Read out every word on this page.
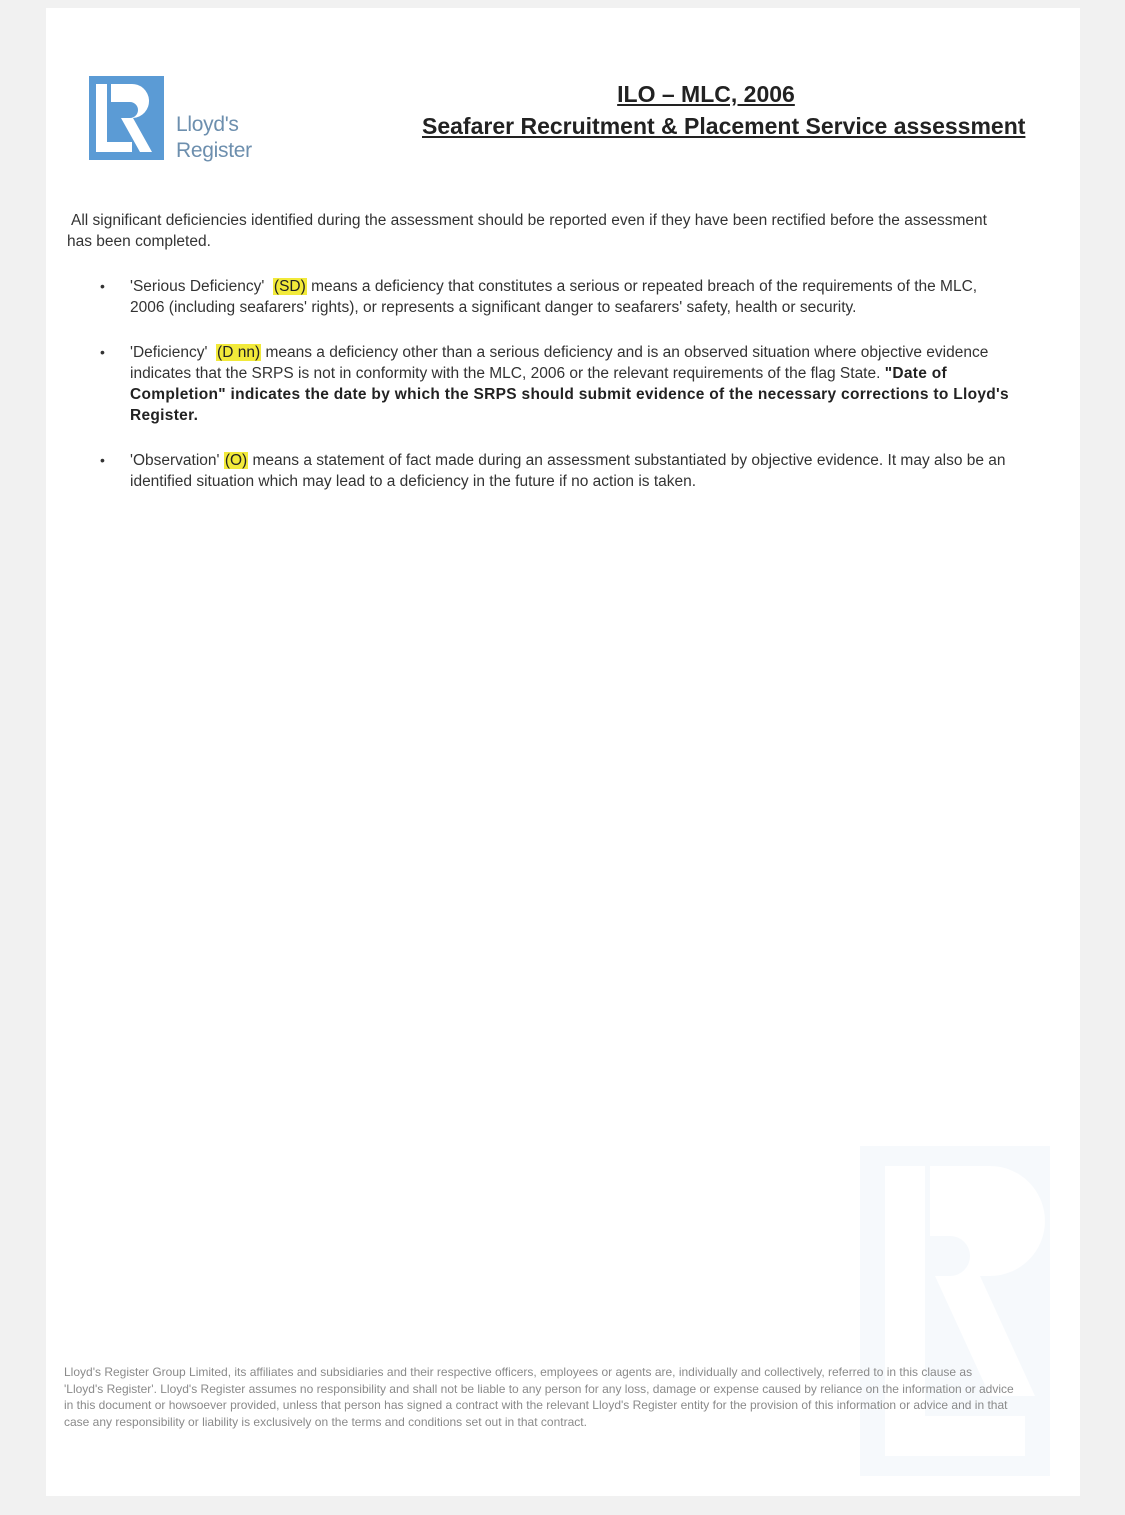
Lloyd's
Register
ILO – MLC, 2006
Seafarer Recruitment & Placement Service assessment

All significant deficiencies identified during the assessment should be reported even if they have been rectified before the assessment has been completed.

• 'Serious Deficiency' (SD) means a deficiency that constitutes a serious or repeated breach of the requirements of the MLC, 2006 (including seafarers' rights), or represents a significant danger to seafarers' safety, health or security.
• 'Deficiency' (D nn) means a deficiency other than a serious deficiency and is an observed situation where objective evidence indicates that the SRPS is not in conformity with the MLC, 2006 or the relevant requirements of the flag State. "Date of Completion" indicates the date by which the SRPS should submit evidence of the necessary corrections to Lloyd's Register.
• 'Observation' (O) means a statement of fact made during an assessment substantiated by objective evidence. It may also be an identified situation which may lead to a deficiency in the future if no action is taken.

Lloyd's Register Group Limited, its affiliates and subsidiaries and their respective officers, employees or agents are, individually and collectively, referred to in this clause as 'Lloyd's Register'. Lloyd's Register assumes no responsibility and shall not be liable to any person for any loss, damage or expense caused by reliance on the information or advice in this document or howsoever provided, unless that person has signed a contract with the relevant Lloyd's Register entity for the provision of this information or advice and in that case any responsibility or liability is exclusively on the terms and conditions set out in that contract.
